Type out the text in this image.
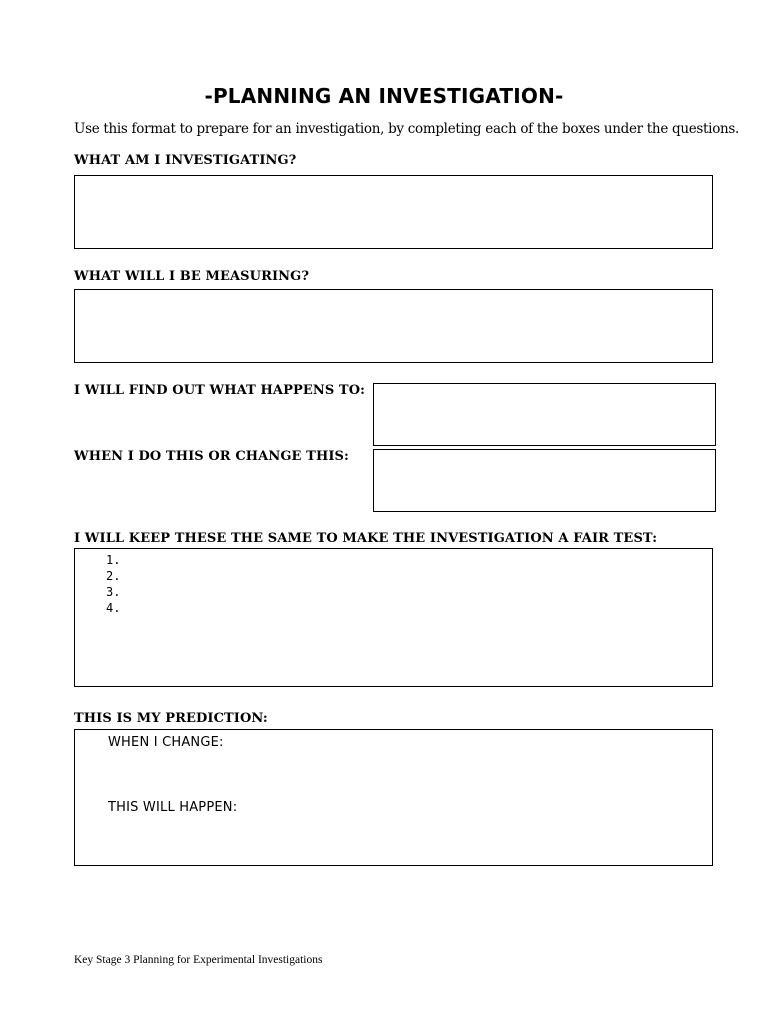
-PLANNING AN INVESTIGATION-
Use this format to prepare for an investigation, by completing each of the boxes under the questions.
WHAT AM I INVESTIGATING?
WHAT WILL I BE MEASURING?
I WILL FIND OUT WHAT HAPPENS TO:
WHEN I DO THIS OR CHANGE THIS:
I WILL KEEP THESE THE SAME TO MAKE THE INVESTIGATION A FAIR TEST:
1.
2.
3.
4.
THIS IS MY PREDICTION:
WHEN I CHANGE:
THIS WILL HAPPEN:
Key Stage 3 Planning for Experimental Investigations
